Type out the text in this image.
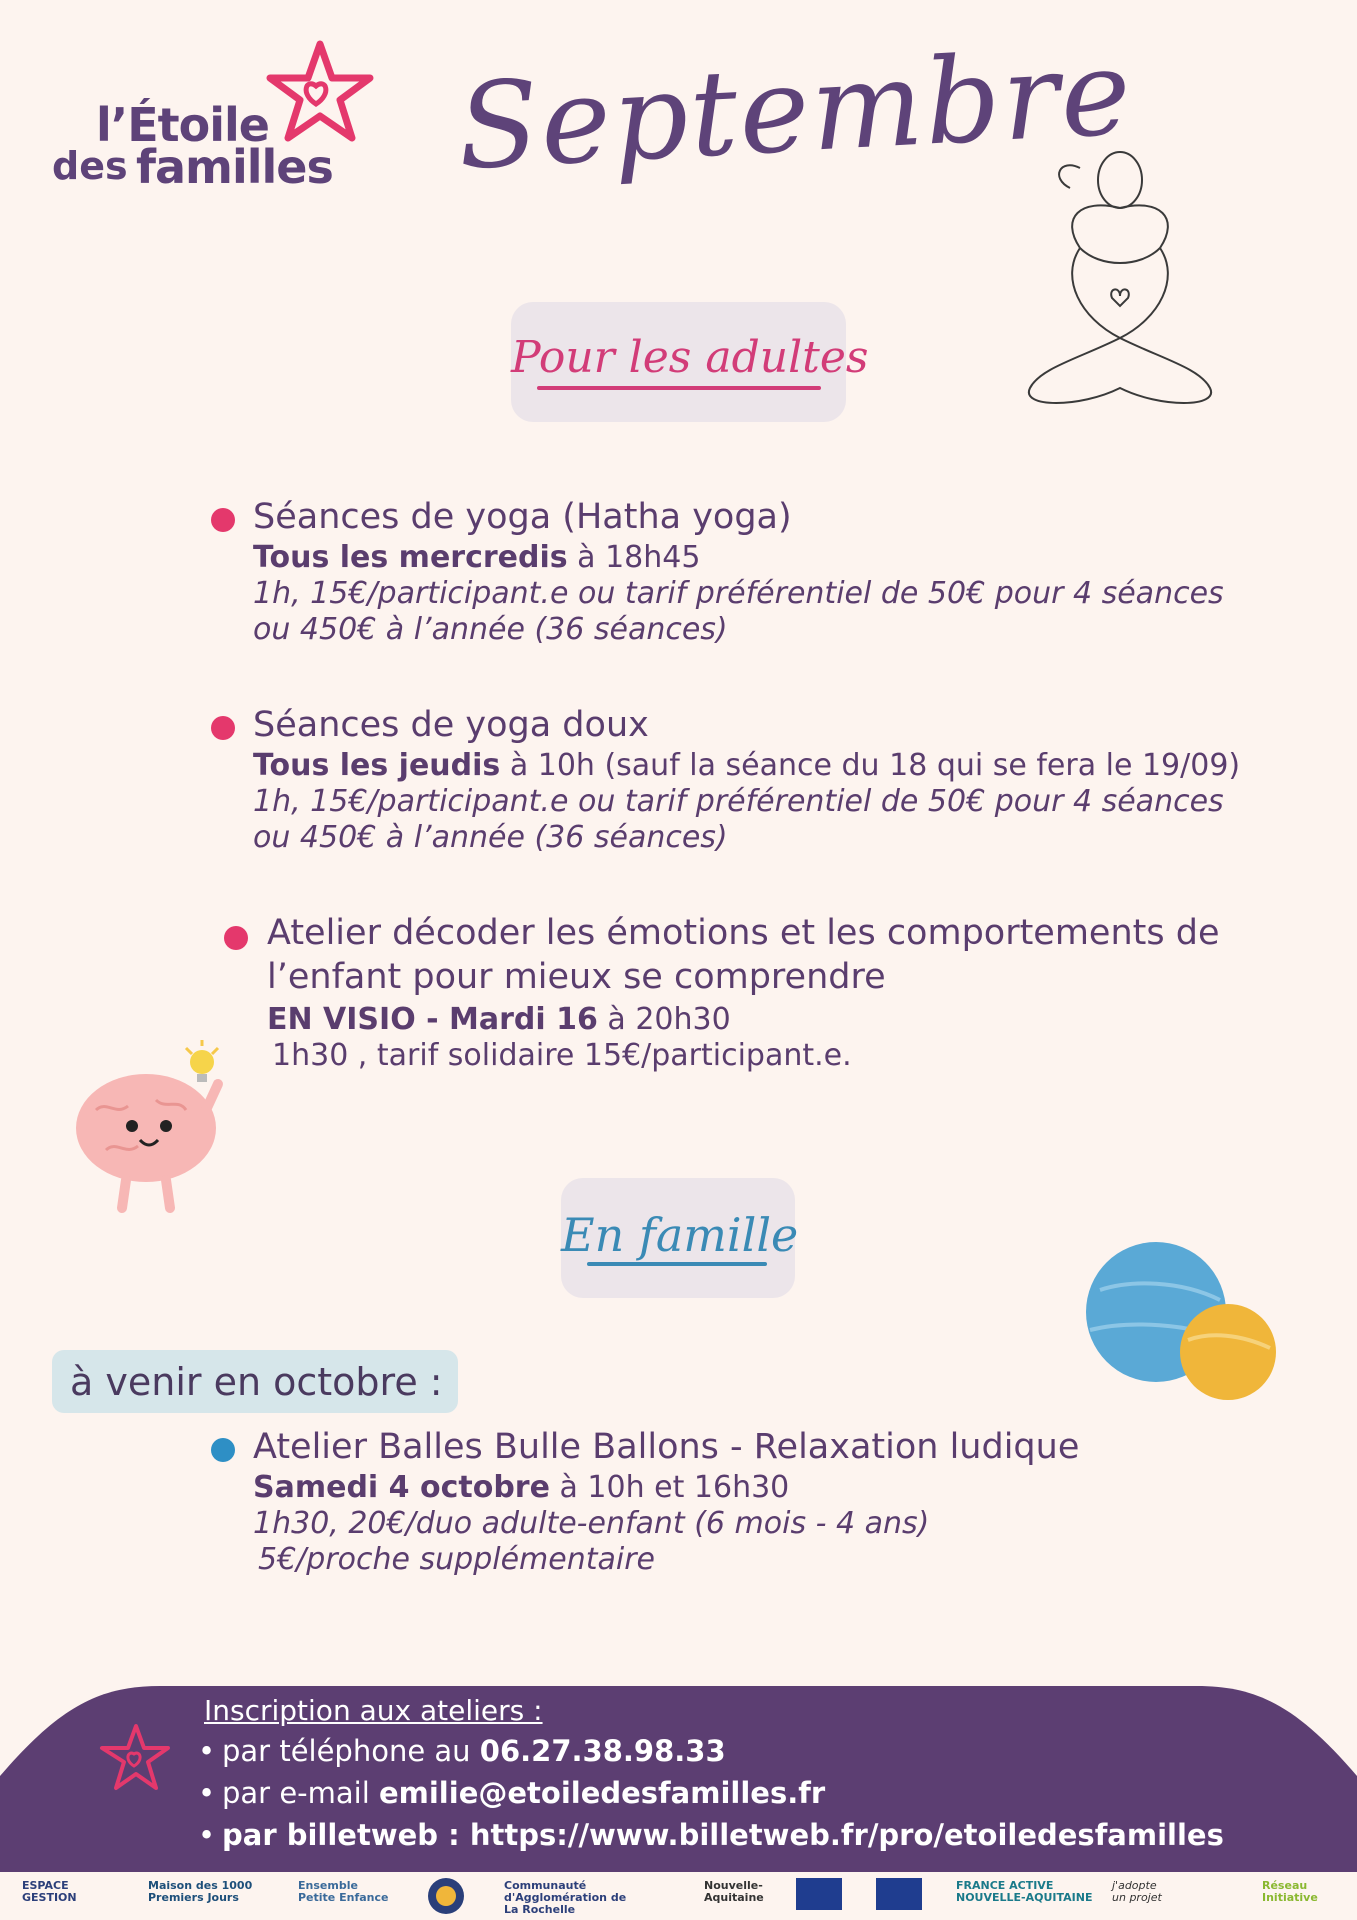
l’Étoile
des familles Septembre
Pour les adultes
Séances de yoga (Hatha yoga)
Tous les mercredis à 18h45
1h, 15€/participant.e ou tarif préférentiel de 50€ pour 4 séances
ou 450€ à l’année (36 séances)
Séances de yoga doux
Tous les jeudis à 10h (sauf la séance du 18 qui se fera le 19/09)
1h, 15€/participant.e ou tarif préférentiel de 50€ pour 4 séances
ou 450€ à l’année (36 séances)
Atelier décoder les émotions et les comportements de
l’enfant pour mieux se comprendre
EN VISIO - Mardi 16 à 20h30
1h30 , tarif solidaire 15€/participant.e.
En famille
à venir en octobre :
Atelier Balles Bulle Ballons - Relaxation ludique
Samedi 4 octobre à 10h et 16h30
1h30, 20€/duo adulte-enfant (6 mois - 4 ans)
5€/proche supplémentaire
Inscription aux ateliers :
• par téléphone au 06.27.38.98.33
• par e-mail emilie@etoiledesfamilles.fr
• par billetweb : https://www.billetweb.fr/pro/etoiledesfamilles
ESPACE
GESTION
Maison des 1000
Premiers Jours
Ensemble
Petite Enfance
Communauté
d'Agglomération de
La Rochelle
Nouvelle-
Aquitaine
FRANCE ACTIVE
NOUVELLE-AQUITAINE
j'adopte
un projet
Réseau
Initiative
